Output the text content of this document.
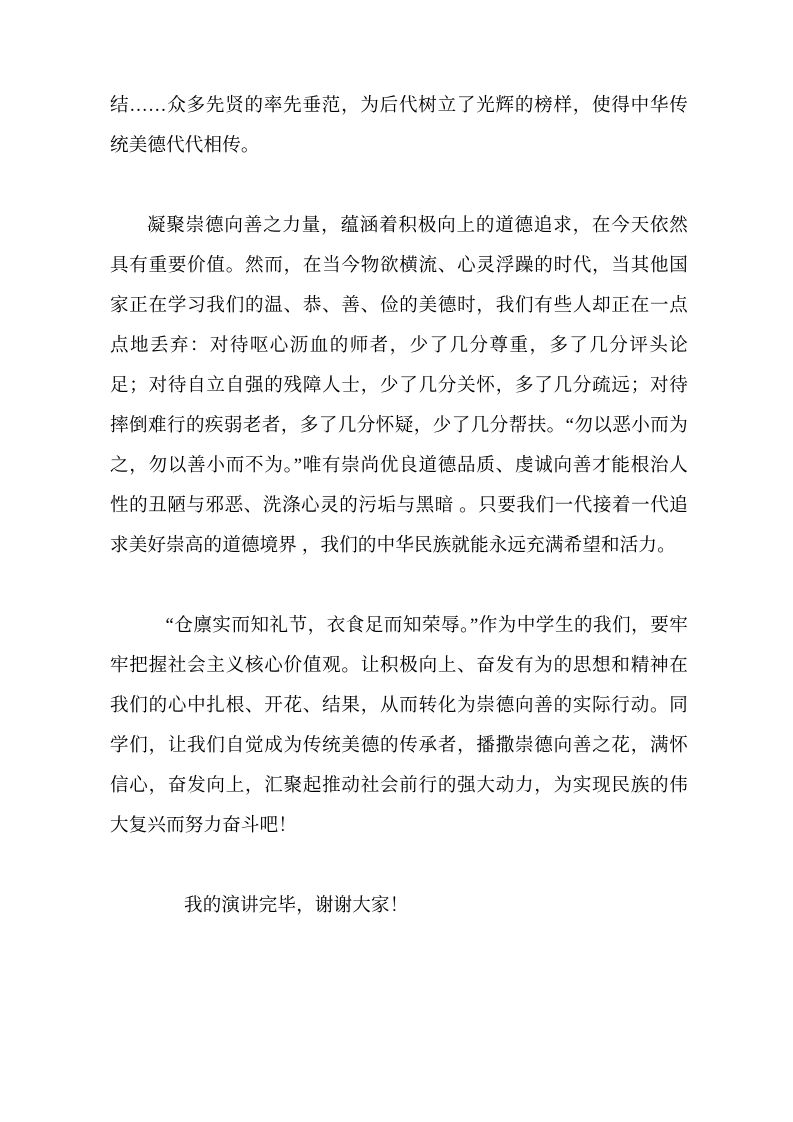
结……众多先贤的率先垂范，为后代树立了光辉的榜样，使得中华传统美德代代相传。

凝聚崇德向善之力量，蕴涵着积极向上的道德追求，在今天依然具有重要价值。然而，在当今物欲横流、心灵浮躁的时代，当其他国家正在学习我们的温、恭、善、俭的美德时，我们有些人却正在一点点地丢弃：对待呕心沥血的师者，少了几分尊重，多了几分评头论足；对待自立自强的残障人士，少了几分关怀，多了几分疏远；对待摔倒难行的疾弱老者，多了几分怀疑，少了几分帮扶。“勿以恶小而为之，勿以善小而不为。”唯有崇尚优良道德品质、虔诚向善才能根治人性的丑陋与邪恶、洗涤心灵的污垢与黑暗 。只要我们一代接着一代追求美好崇高的道德境界 ，我们的中华民族就能永远充满希望和活力。

“仓廪实而知礼节，衣食足而知荣辱。”作为中学生的我们，要牢牢把握社会主义核心价值观。让积极向上、奋发有为的思想和精神在我们的心中扎根、开花、结果，从而转化为崇德向善的实际行动。同学们，让我们自觉成为传统美德的传承者，播撒崇德向善之花，满怀信心，奋发向上，汇聚起推动社会前行的强大动力，为实现民族的伟大复兴而努力奋斗吧！

我的演讲完毕，谢谢大家！
